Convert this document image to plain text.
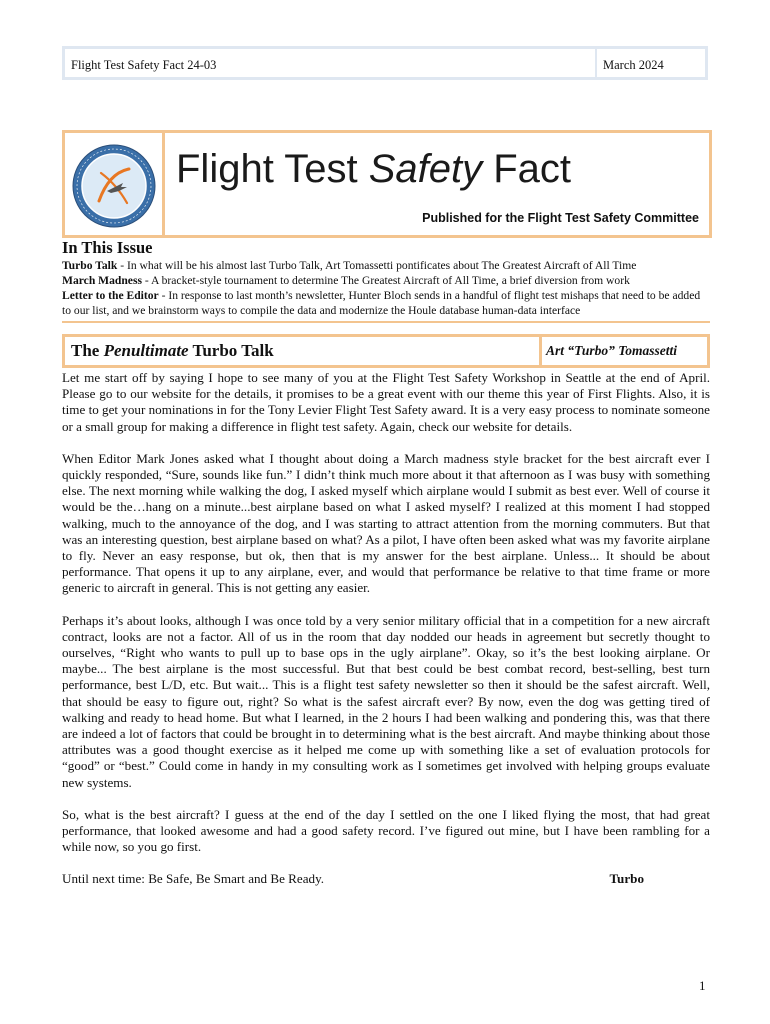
Flight Test Safety Fact 24-03	March 2024
Flight Test Safety Fact
Published for the Flight Test Safety Committee
In This Issue

Turbo Talk - In what will be his almost last Turbo Talk, Art Tomassetti pontificates about The Greatest Aircraft of All Time

March Madness - A bracket-style tournament to determine The Greatest Aircraft of All Time, a brief diversion from work

Letter to the Editor - In response to last month’s newsletter, Hunter Bloch sends in a handful of flight test mishaps that need to be added to our list, and we brainstorm ways to compile the data and modernize the Houle database human-data interface

The Penultimate Turbo Talk	Art “Turbo” Tomassetti

Let me start off by saying I hope to see many of you at the Flight Test Safety Workshop in Seattle at the end of April. Please go to our website for the details, it promises to be a great event with our theme this year of First Flights. Also, it is time to get your nominations in for the Tony Levier Flight Test Safety award. It is a very easy process to nominate someone or a small group for making a difference in flight test safety. Again, check our website for details.

When Editor Mark Jones asked what I thought about doing a March madness style bracket for the best aircraft ever I quickly responded, “Sure, sounds like fun.” I didn’t think much more about it that afternoon as I was busy with something else. The next morning while walking the dog, I asked myself which airplane would I submit as best ever. Well of course it would be the…hang on a minute...best airplane based on what I asked myself? I realized at this moment I had stopped walking, much to the annoyance of the dog, and I was starting to attract attention from the morning commuters. But that was an interesting question, best airplane based on what? As a pilot, I have often been asked what was my favorite airplane to fly. Never an easy response, but ok, then that is my answer for the best airplane. Unless... It should be about performance. That opens it up to any airplane, ever, and would that performance be relative to that time frame or more generic to aircraft in general. This is not getting any easier.

Perhaps it’s about looks, although I was once told by a very senior military official that in a competition for a new aircraft contract, looks are not a factor. All of us in the room that day nodded our heads in agreement but secretly thought to ourselves, “Right who wants to pull up to base ops in the ugly airplane”. Okay, so it’s the best looking airplane. Or maybe... The best airplane is the most successful. But that best could be best combat record, best-selling, best turn performance, best L/D, etc. But wait... This is a flight test safety newsletter so then it should be the safest aircraft. Well, that should be easy to figure out, right? So what is the safest aircraft ever? By now, even the dog was getting tired of walking and ready to head home. But what I learned, in the 2 hours I had been walking and pondering this, was that there are indeed a lot of factors that could be brought in to determining what is the best aircraft. And maybe thinking about those attributes was a good thought exercise as it helped me come up with something like a set of evaluation protocols for “good” or “best.” Could come in handy in my consulting work as I sometimes get involved with helping groups evaluate new systems.

So, what is the best aircraft? I guess at the end of the day I settled on the one I liked flying the most, that had great performance, that looked awesome and had a good safety record. I’ve figured out mine, but I have been rambling for a while now, so you go first.

Until next time: Be Safe, Be Smart and Be Ready.	Turbo
1
